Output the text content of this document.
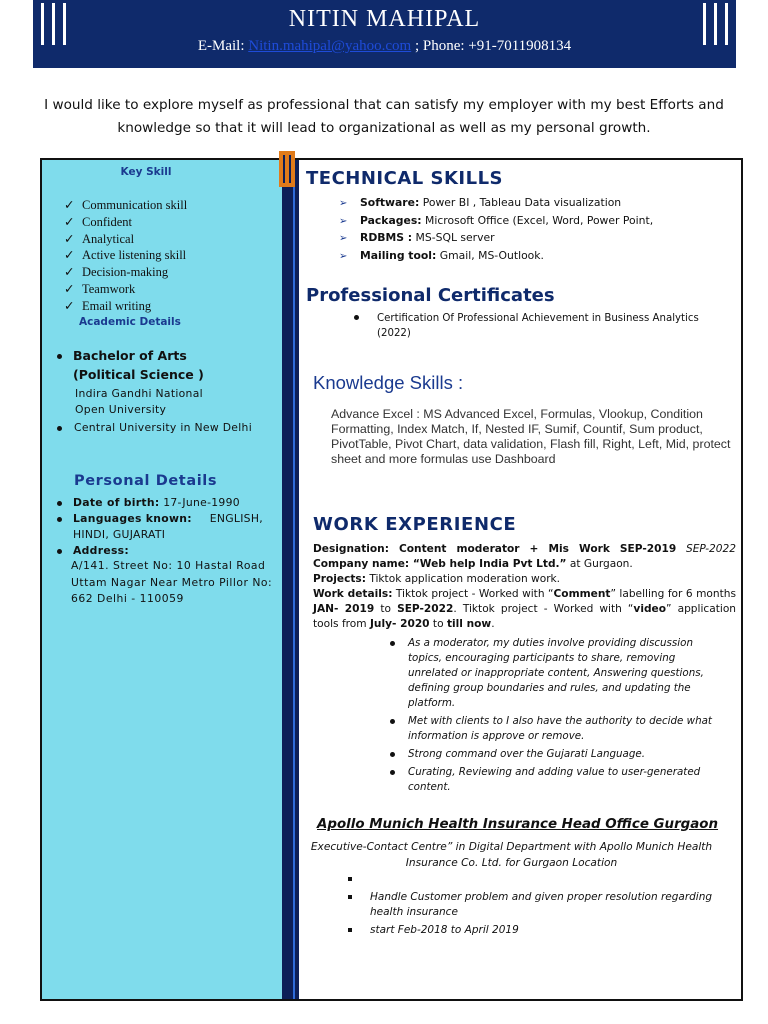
NITIN MAHIPAL
E-Mail: Nitin.mahipal@yahoo.com ; Phone: +91-7011908134
I would like to explore myself as professional that can satisfy my employer with my best Efforts and knowledge so that it will lead to organizational as well as my personal growth.
Key Skill
✓ Communication skill
✓ Confident
✓ Analytical
✓ Active listening skill
✓ Decision-making
✓ Teamwork
✓ Email writing
Academic Details
Bachelor of Arts
(Political Science )
Indira Gandhi National
Open University
Central University in New Delhi
Personal Details
Date of birth: 17-June-1990
Languages known: ENGLISH,
HINDI, GUJARATI
Address:
A/141. Street No: 10 Hastal Road
Uttam Nagar Near Metro Pillor No:
662 Delhi - 110059
TECHNICAL SKILLS
➢ Software: Power BI , Tableau Data visualization
➢ Packages: Microsoft Office (Excel, Word, Power Point,
➢ RDBMS : MS-SQL server
➢ Mailing tool: Gmail, MS-Outlook.
Professional Certificates
Certification Of Professional Achievement in Business Analytics (2022)
Knowledge Skills :
Advance Excel : MS Advanced Excel, Formulas, Vlookup, Condition Formatting, Index Match, If, Nested IF, Sumif, Countif, Sum product, PivotTable, Pivot Chart, data validation, Flash fill, Right, Left, Mid, protect sheet and more formulas use Dashboard
WORK EXPERIENCE
Designation: Content moderator + Mis Work SEP-2019 SEP-2022 Company name: “Web help India Pvt Ltd.” at Gurgaon.
Projects: Tiktok application moderation work.
Work details: Tiktok project - Worked with “Comment” labelling for 6 months JAN- 2019 to SEP-2022. Tiktok project - Worked with “video” application tools from July- 2020 to till now.
As a moderator, my duties involve providing discussion topics, encouraging participants to share, removing unrelated or inappropriate content, Answering questions, defining group boundaries and rules, and updating the platform.
Met with clients to I also have the authority to decide what information is approve or remove.
Strong command over the Gujarati Language.
Curating, Reviewing and adding value to user-generated content.
Apollo Munich Health Insurance Head Office Gurgaon
Executive-Contact Centre” in Digital Department with Apollo Munich Health Insurance Co. Ltd. for Gurgaon Location
Handle Customer problem and given proper resolution regarding health insurance
start Feb-2018 to April 2019
